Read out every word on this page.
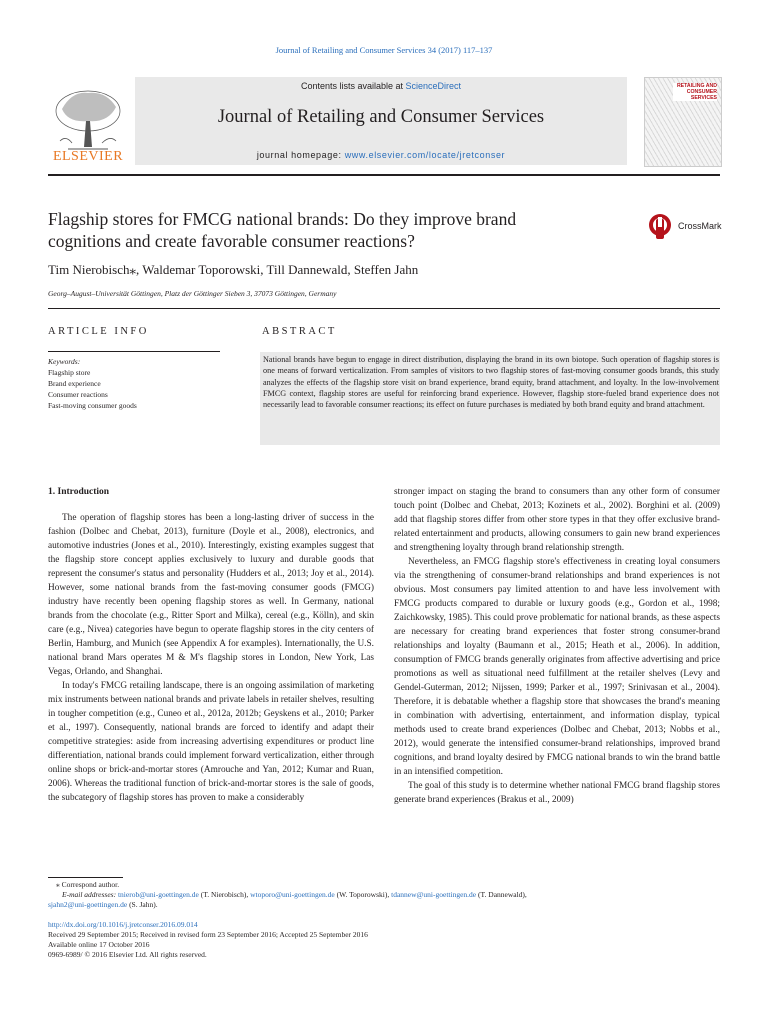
Journal of Retailing and Consumer Services 34 (2017) 117–137
ELSEVIER
Contents lists available at ScienceDirect
Journal of Retailing and Consumer Services
journal homepage: www.elsevier.com/locate/jretconser
RETAILING AND CONSUMER SERVICES
Flagship stores for FMCG national brands: Do they improve brand cognitions and create favorable consumer reactions?
CrossMark
Tim Nierobisch⁎, Waldemar Toporowski, Till Dannewald, Steffen Jahn
Georg–August–Universität Göttingen, Platz der Göttinger Sieben 3, 37073 Göttingen, Germany
ARTICLE INFO	ABSTRACT
Keywords:
Flagship store
Brand experience
Consumer reactions
Fast-moving consumer goods
National brands have begun to engage in direct distribution, displaying the brand in its own biotope. Such operation of flagship stores is one means of forward verticalization. From samples of visitors to two flagship stores of fast-moving consumer goods brands, this study analyzes the effects of the flagship store visit on brand experience, brand equity, brand attachment, and loyalty. In the low-involvement FMCG context, flagship stores are useful for reinforcing brand experience. However, flagship store-fueled brand experience does not necessarily lead to favorable consumer reactions; its effect on future purchases is mediated by both brand equity and brand attachment.

1. Introduction

The operation of flagship stores has been a long-lasting driver of success in the fashion (Dolbec and Chebat, 2013), furniture (Doyle et al., 2008), electronics, and automotive industries (Jones et al., 2010). Interestingly, existing examples suggest that the flagship store concept applies exclusively to luxury and durable goods that represent the consumer's status and personality (Hudders et al., 2013; Joy et al., 2014). However, some national brands from the fast-moving consumer goods (FMCG) industry have recently been opening flagship stores as well. In Germany, national brands from the chocolate (e.g., Ritter Sport and Milka), cereal (e.g., Kölln), and skin care (e.g., Nivea) categories have begun to operate flagship stores in the city centers of Berlin, Hamburg, and Munich (see Appendix A for examples). Internationally, the U.S. national brand Mars operates M & M's flagship stores in London, New York, Las Vegas, Orlando, and Shanghai.

In today's FMCG retailing landscape, there is an ongoing assimilation of marketing mix instruments between national brands and private labels in retailer shelves, resulting in tougher competition (e.g., Cuneo et al., 2012a, 2012b; Geyskens et al., 2010; Parker et al., 1997). Consequently, national brands are forced to identify and adapt their competitive strategies: aside from increasing advertising expenditures or product line differentiation, national brands could implement forward verticalization, either through online shops or brick-and-mortar stores (Amrouche and Yan, 2012; Kumar and Ruan, 2006). Whereas the traditional function of brick-and-mortar stores is the sale of goods, the subcategory of flagship stores has proven to make a considerably

stronger impact on staging the brand to consumers than any other form of consumer touch point (Dolbec and Chebat, 2013; Kozinets et al., 2002). Borghini et al. (2009) add that flagship stores differ from other store types in that they offer exclusive brand-related entertainment and products, allowing consumers to gain new brand experiences and strengthening loyalty through brand relationship strength.

Nevertheless, an FMCG flagship store's effectiveness in creating loyal consumers via the strengthening of consumer-brand relationships and brand experiences is not obvious. Most consumers pay limited attention to and have less involvement with FMCG products compared to durable or luxury goods (e.g., Gordon et al., 1998; Zaichkowsky, 1985). This could prove problematic for national brands, as these aspects are necessary for creating brand experiences that foster strong consumer-brand relationships and loyalty (Baumann et al., 2015; Heath et al., 2006). In addition, consumption of FMCG brands generally originates from affective advertising and price promotions as well as situational need fulfillment at the retailer shelves (Levy and Gendel-Guterman, 2012; Nijssen, 1999; Parker et al., 1997; Srinivasan et al., 2004). Therefore, it is debatable whether a flagship store that showcases the brand's meaning in combination with advertising, entertainment, and information display, typical methods used to create brand experiences (Dolbec and Chebat, 2013; Nobbs et al., 2012), would generate the intensified consumer-brand relationships, improved brand cognitions, and brand loyalty desired by FMCG national brands to win the brand battle in an intensified competition.

The goal of this study is to determine whether national FMCG brand flagship stores generate brand experiences (Brakus et al., 2009)

⁎ Correspond author.
E-mail addresses: tnierob@uni-goettingen.de (T. Nierobisch), wtoporo@uni-goettingen.de (W. Toporowski), tdannew@uni-goettingen.de (T. Dannewald),
sjahn2@uni-goettingen.de (S. Jahn).
http://dx.doi.org/10.1016/j.jretconser.2016.09.014
Received 29 September 2015; Received in revised form 23 September 2016; Accepted 25 September 2016
Available online 17 October 2016
0969-6989/ © 2016 Elsevier Ltd. All rights reserved.
